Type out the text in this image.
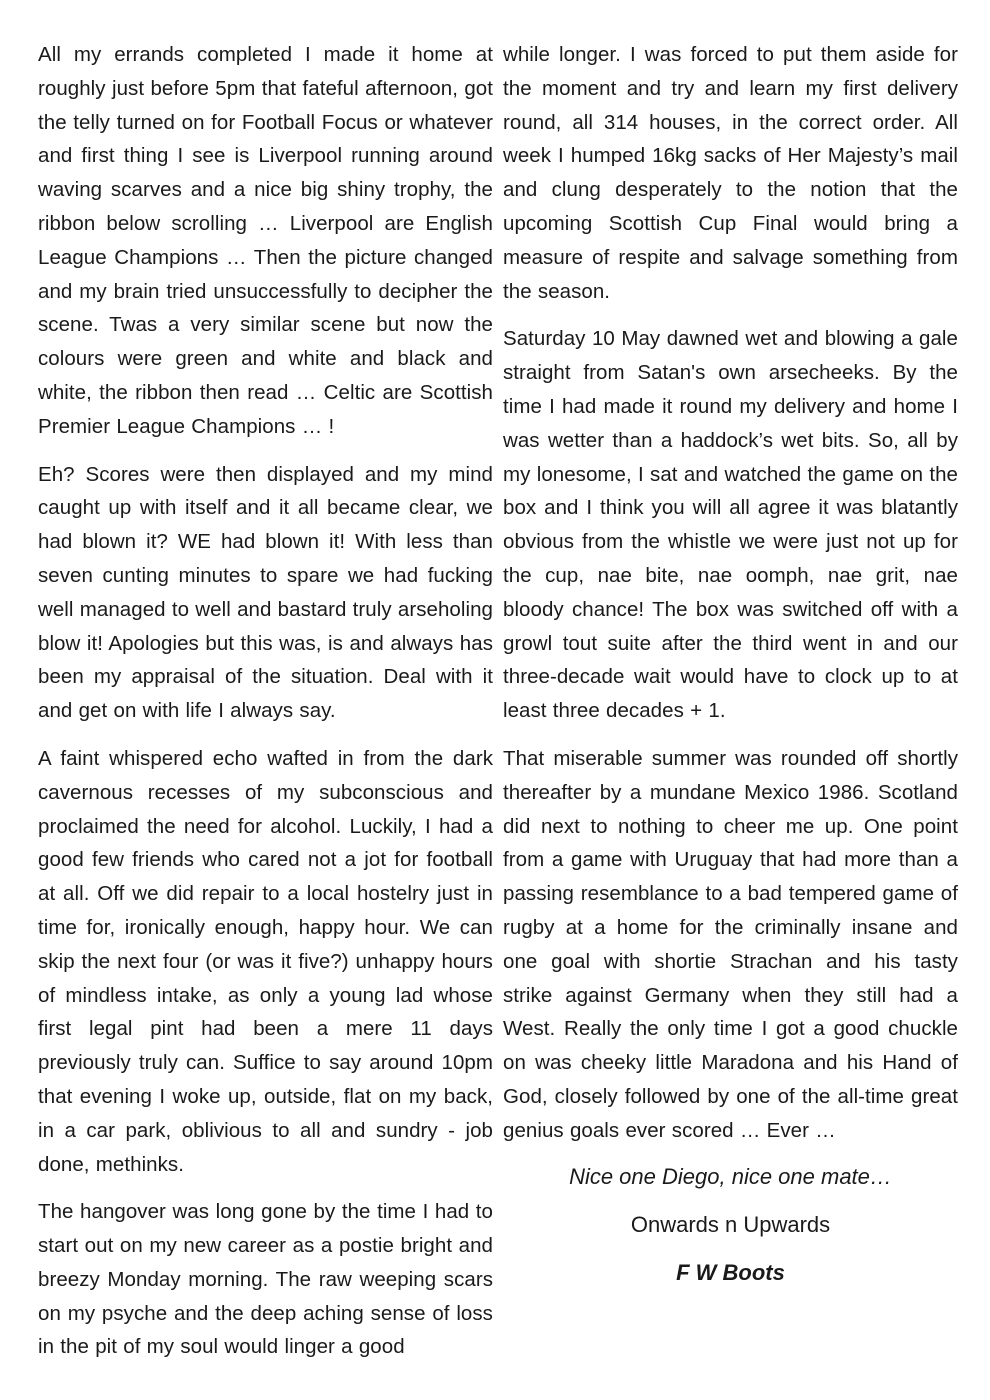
All my errands completed I made it home at roughly just before 5pm that fateful afternoon, got the telly turned on for Football Focus or whatever and first thing I see is Liverpool running around waving scarves and a nice big shiny trophy, the ribbon below scrolling … Liverpool are English League Champions … Then the picture changed and my brain tried unsuccessfully to decipher the scene. Twas a very similar scene but now the colours were green and white and black and white, the ribbon then read … Celtic are Scottish Premier League Champions … !

Eh? Scores were then displayed and my mind caught up with itself and it all became clear, we had blown it? WE had blown it! With less than seven cunting minutes to spare we had fucking well managed to well and bastard truly arseholing blow it! Apologies but this was, is and always has been my appraisal of the situation. Deal with it and get on with life I always say.

A faint whispered echo wafted in from the dark cavernous recesses of my subconscious and proclaimed the need for alcohol. Luckily, I had a good few friends who cared not a jot for football at all. Off we did repair to a local hostelry just in time for, ironically enough, happy hour. We can skip the next four (or was it five?) unhappy hours of mindless intake, as only a young lad whose first legal pint had been a mere 11 days previously truly can. Suffice to say around 10pm that evening I woke up, outside, flat on my back, in a car park, oblivious to all and sundry - job done, methinks.

The hangover was long gone by the time I had to start out on my new career as a postie bright and breezy Monday morning. The raw weeping scars on my psyche and the deep aching sense of loss in the pit of my soul would linger a good

while longer. I was forced to put them aside for the moment and try and learn my first delivery round, all 314 houses, in the correct order. All week I humped 16kg sacks of Her Majesty’s mail and clung desperately to the notion that the upcoming Scottish Cup Final would bring a measure of respite and salvage something from the season.

Saturday 10 May dawned wet and blowing a gale straight from Satan's own arsecheeks. By the time I had made it round my delivery and home I was wetter than a haddock’s wet bits. So, all by my lonesome, I sat and watched the game on the box and I think you will all agree it was blatantly obvious from the whistle we were just not up for the cup, nae bite, nae oomph, nae grit, nae bloody chance! The box was switched off with a growl tout suite after the third went in and our three-decade wait would have to clock up to at least three decades + 1.

That miserable summer was rounded off shortly thereafter by a mundane Mexico 1986. Scotland did next to nothing to cheer me up. One point from a game with Uruguay that had more than a passing resemblance to a bad tempered game of rugby at a home for the criminally insane and one goal with shortie Strachan and his tasty strike against Germany when they still had a West. Really the only time I got a good chuckle on was cheeky little Maradona and his Hand of God, closely followed by one of the all-time great genius goals ever scored … Ever …

Nice one Diego, nice one mate…
Onwards n Upwards
F W Boots
